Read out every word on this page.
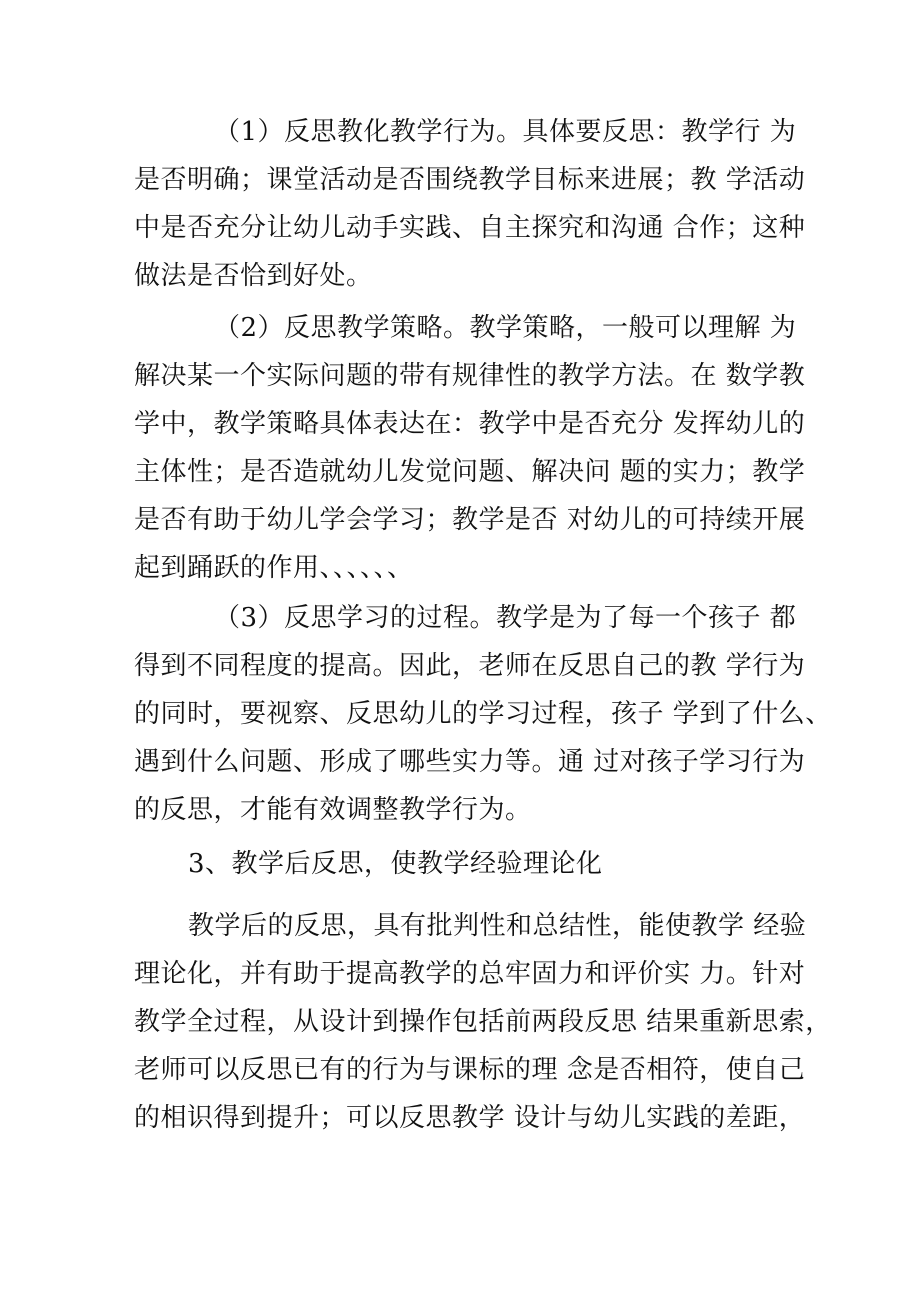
（1）反思教化教学行为。具体要反思：教学行 为
是否明确；课堂活动是否围绕教学目标来进展；教 学活动
中是否充分让幼儿动手实践、自主探究和沟通 合作；这种
做法是否恰到好处。
（2）反思教学策略。教学策略，一般可以理解 为
解决某一个实际问题的带有规律性的教学方法。在 数学教
学中，教学策略具体表达在：教学中是否充分 发挥幼儿的
主体性；是否造就幼儿发觉问题、解决问 题的实力；教学
是否有助于幼儿学会学习；教学是否 对幼儿的可持续开展
起到踊跃的作用、、、、、、
（3）反思学习的过程。教学是为了每一个孩子 都
得到不同程度的提高。因此，老师在反思自己的教 学行为
的同时，要视察、反思幼儿的学习过程，孩子 学到了什么、
遇到什么问题、形成了哪些实力等。通 过对孩子学习行为
的反思，才能有效调整教学行为。
3、教学后反思，使教学经验理论化
教学后的反思，具有批判性和总结性，能使教学 经验
理论化，并有助于提高教学的总牢固力和评价实 力。针对
教学全过程，从设计到操作包括前两段反思 结果重新思索，
老师可以反思已有的行为与课标的理 念是否相符，使自己
的相识得到提升；可以反思教学 设计与幼儿实践的差距，
